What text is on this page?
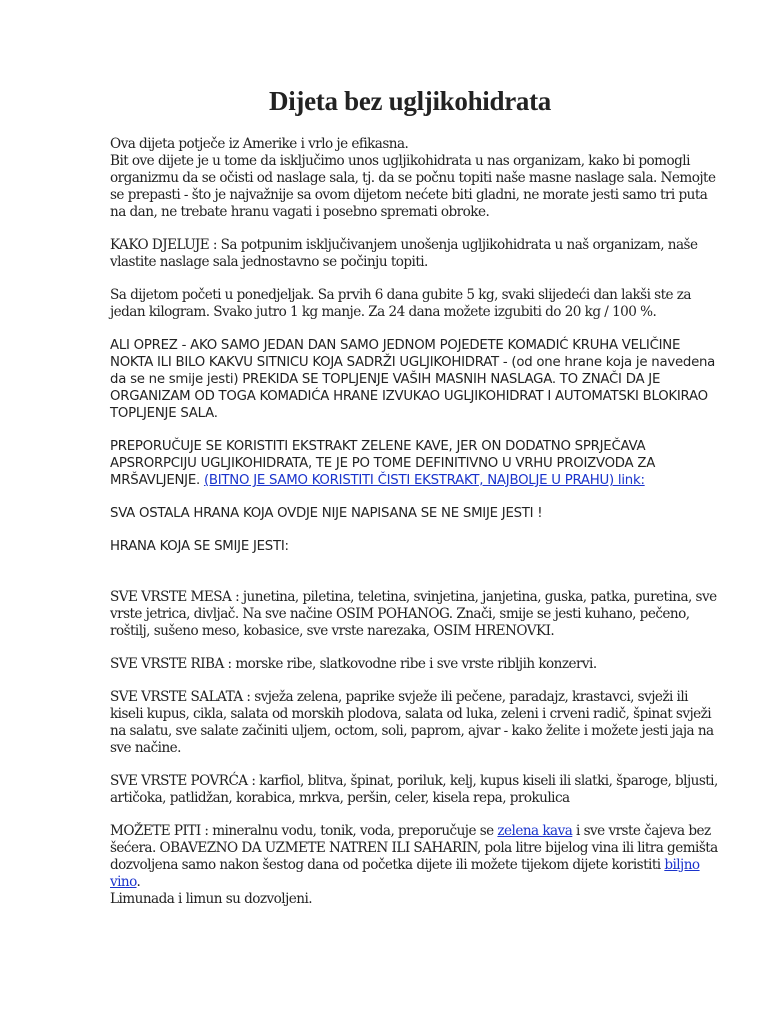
Dijeta bez ugljikohidrata

Ova dijeta potječe iz Amerike i vrlo je efikasna.

Bit ove dijete je u tome da isključimo unos ugljikohidrata u nas organizam, kako bi pomogli organizmu da se očisti od naslage sala, tj. da se počnu topiti naše masne naslage sala. Nemojte se prepasti - što je najvažnije sa ovom dijetom nećete biti gladni, ne morate jesti samo tri puta na dan, ne trebate hranu vagati i posebno spremati obroke.

KAKO DJELUJE : Sa potpunim isključivanjem unošenja ugljikohidrata u naš organizam, naše vlastite naslage sala jednostavno se počinju topiti.

Sa dijetom početi u ponedjeljak. Sa prvih 6 dana gubite 5 kg, svaki slijedeći dan lakši ste za jedan kilogram. Svako jutro 1 kg manje. Za 24 dana možete izgubiti do 20 kg / 100 %.

ALI OPREZ - AKO SAMO JEDAN DAN SAMO JEDNOM POJEDETE KOMADIĆ KRUHA VELIČINE NOKTA ILI BILO KAKVU SITNICU KOJA SADRŽI UGLJIKOHIDRAT - (od one hrane koja je navedena da se ne smije jesti) PREKIDA SE TOPLJENJE VAŠIH MASNIH NASLAGA. TO ZNAČI DA JE ORGANIZAM OD TOGA KOMADIĆA HRANE IZVUKAO UGLJIKOHIDRAT I AUTOMATSKI BLOKIRAO TOPLJENJE SALA.

PREPORUČUJE SE KORISTITI EKSTRAKT ZELENE KAVE, JER ON DODATNO SPRJEČAVA APSRORPCIJU UGLJIKOHIDRATA, TE JE PO TOME DEFINITIVNO U VRHU PROIZVODA ZA MRŠAVLJENJE. (BITNO JE SAMO KORISTITI ČISTI EKSTRAKT, NAJBOLJE U PRAHU) link:

SVA OSTALA HRANA KOJA OVDJE NIJE NAPISANA SE NE SMIJE JESTI !

HRANA KOJA SE SMIJE JESTI:

SVE VRSTE MESA : junetina, piletina, teletina, svinjetina, janjetina, guska, patka, puretina, sve vrste jetrica, divljač. Na sve načine OSIM POHANOG. Znači, smije se jesti kuhano, pečeno, roštilj, sušeno meso, kobasice, sve vrste narezaka, OSIM HRENOVKI.

SVE VRSTE RIBA : morske ribe, slatkovodne ribe i sve vrste ribljih konzervi.

SVE VRSTE SALATA : svježa zelena, paprike svježe ili pečene, paradajz, krastavci, svježi ili kiseli kupus, cikla, salata od morskih plodova, salata od luka, zeleni i crveni radič, špinat svježi na salatu, sve salate začiniti uljem, octom, soli, paprom, ajvar - kako želite i možete jesti jaja na sve načine.

SVE VRSTE POVRĆA : karfiol, blitva, špinat, poriluk, kelj, kupus kiseli ili slatki, šparoge, bljusti, artičoka, patlidžan, korabica, mrkva, peršin, celer, kisela repa, prokulica

MOŽETE PITI : mineralnu vodu, tonik, voda, preporučuje se zelena kava i sve vrste čajeva bez šećera. OBAVEZNO DA UZMETE NATREN ILI SAHARIN, pola litre bijelog vina ili litra gemišta dozvoljena samo nakon šestog dana od početka dijete ili možete tijekom dijete koristiti biljno vino.

Limunada i limun su dozvoljeni.
